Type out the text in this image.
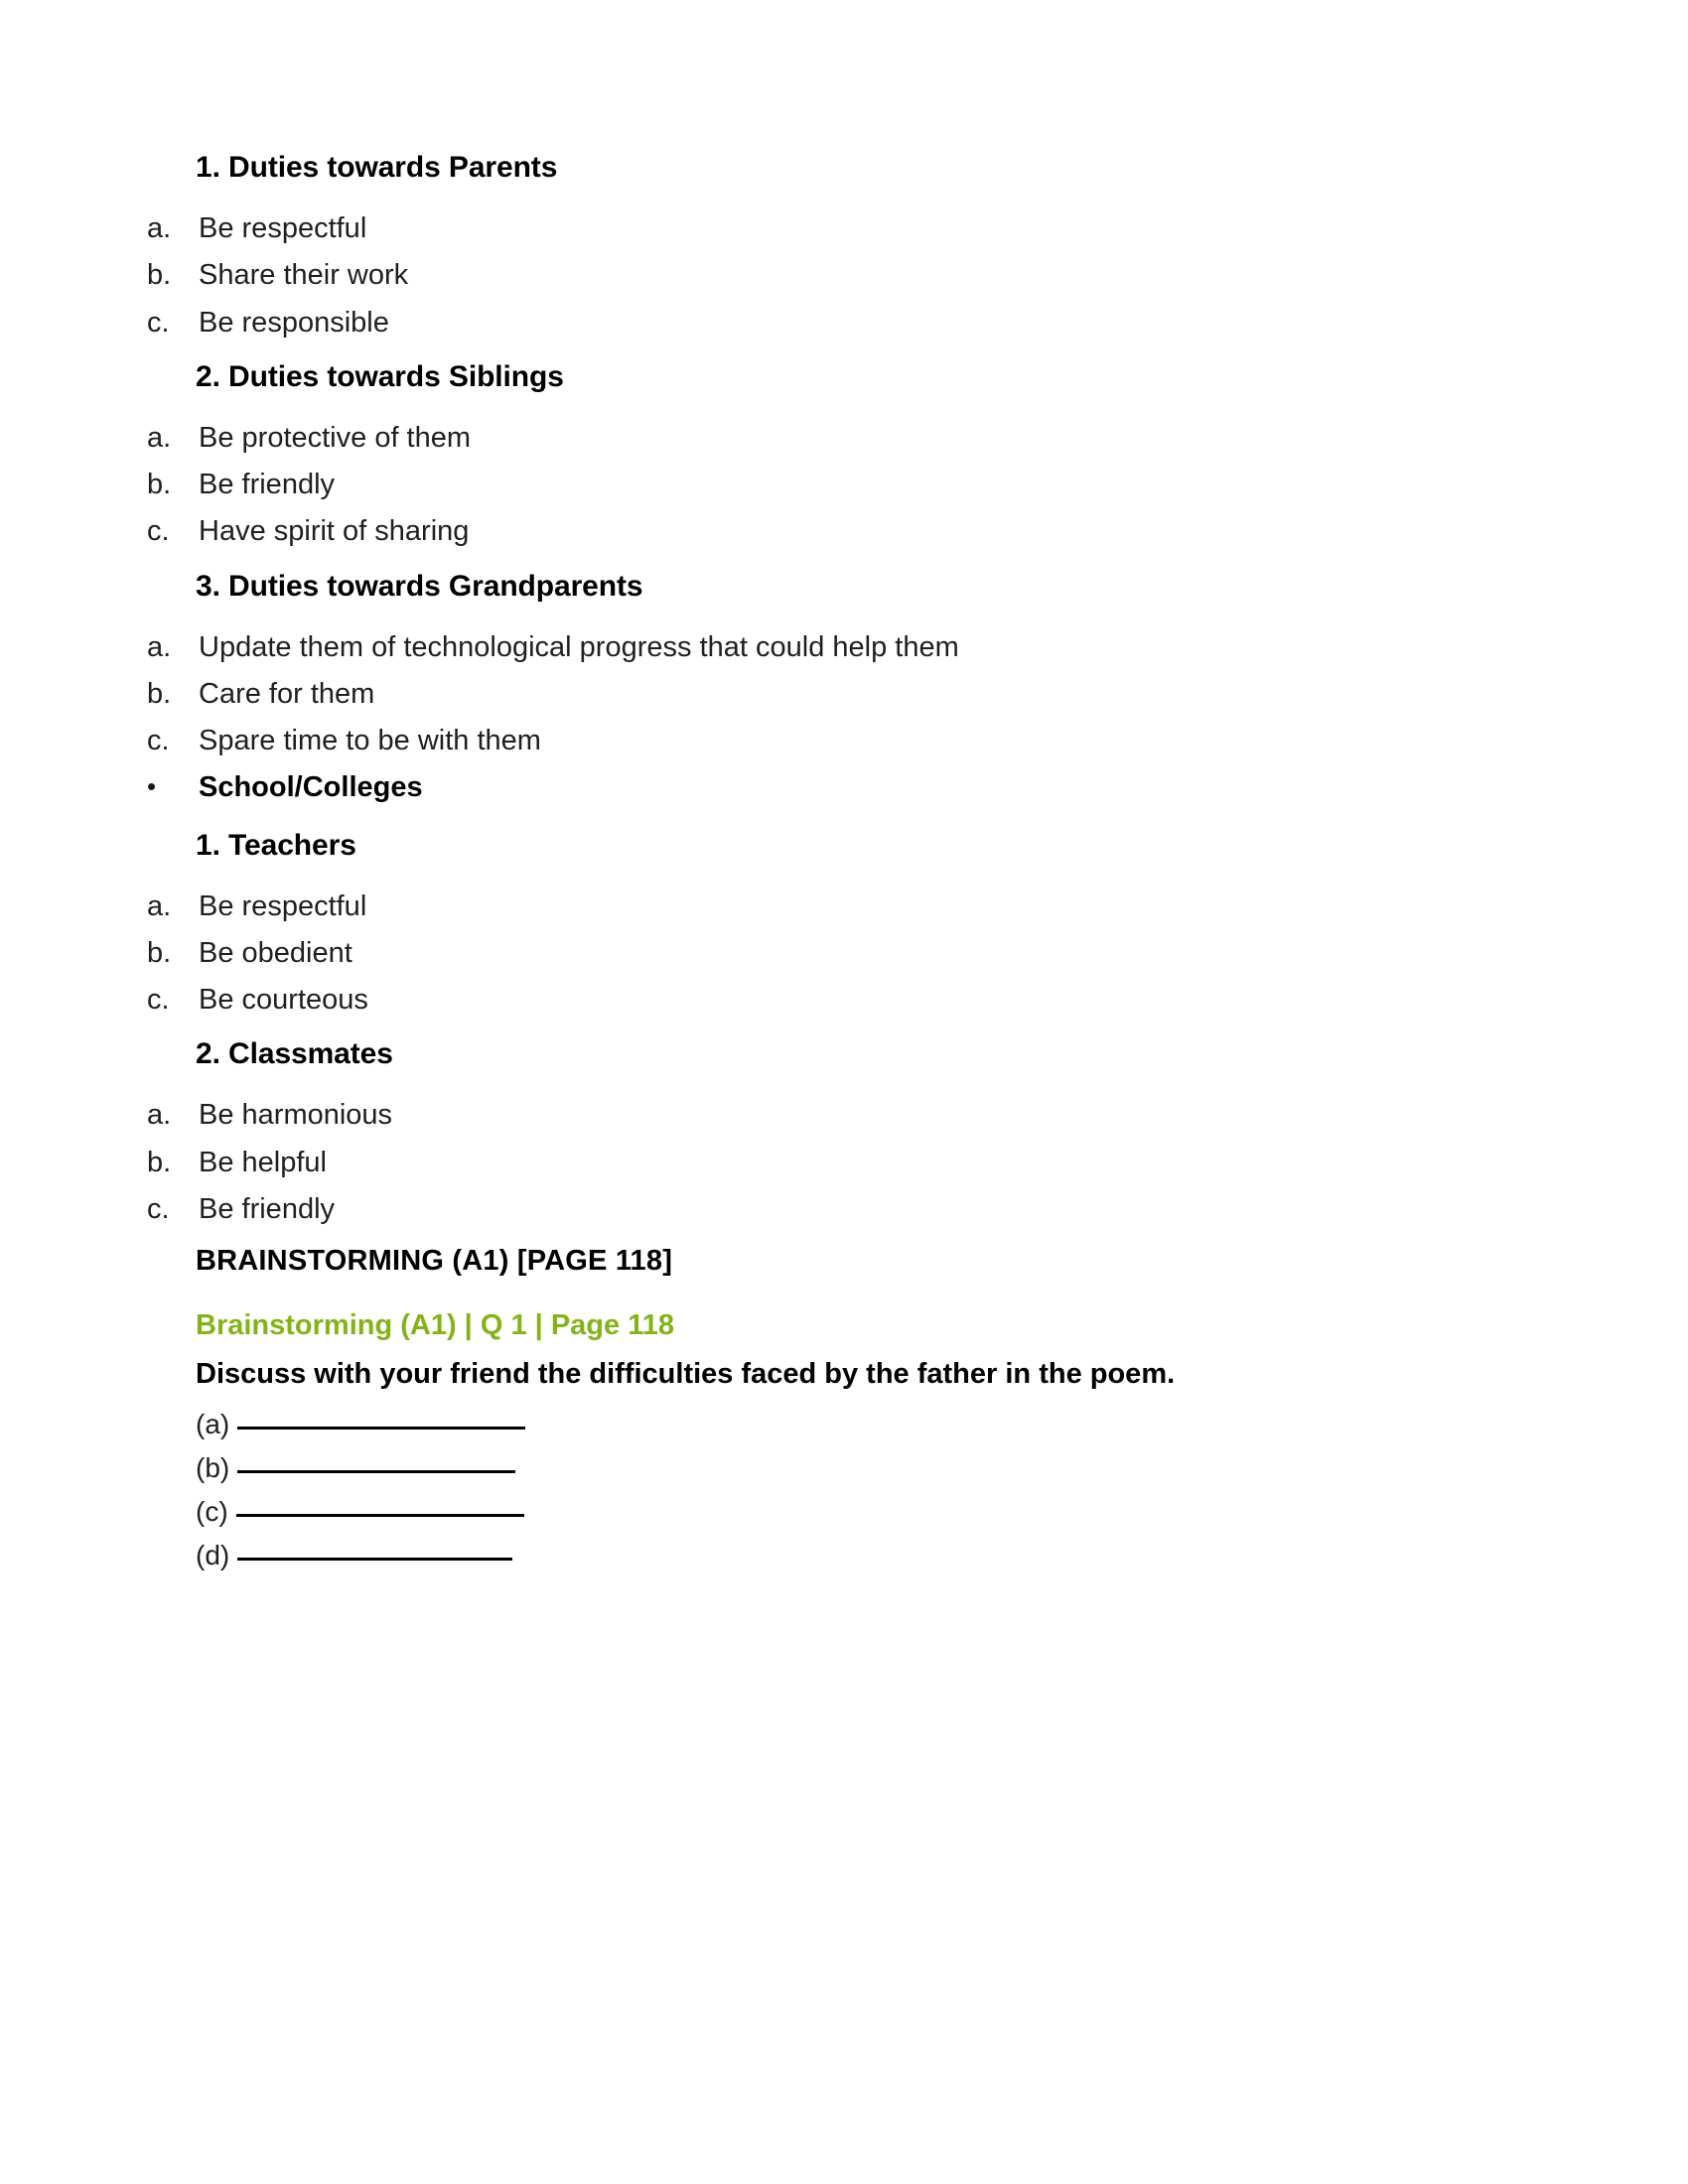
1. Duties towards Parents
a. Be respectful
b. Share their work
c.	Be responsible
2. Duties towards Siblings
a. Be protective of them
b. Be friendly
c.	Have spirit of sharing
3. Duties towards Grandparents
a. Update them of technological progress that could help them
b. Care for them
c.	Spare time to be with them
•	School/Colleges
1. Teachers
a. Be respectful
b. Be obedient
c.	Be courteous
2. Classmates
a. Be harmonious
b. Be helpful
c.	Be friendly
BRAINSTORMING (A1) [PAGE 118]
Brainstorming (A1) | Q 1 | Page 118
Discuss with your friend the difficulties faced by the father in the poem.
(a)
(b)
(c)
(d)
